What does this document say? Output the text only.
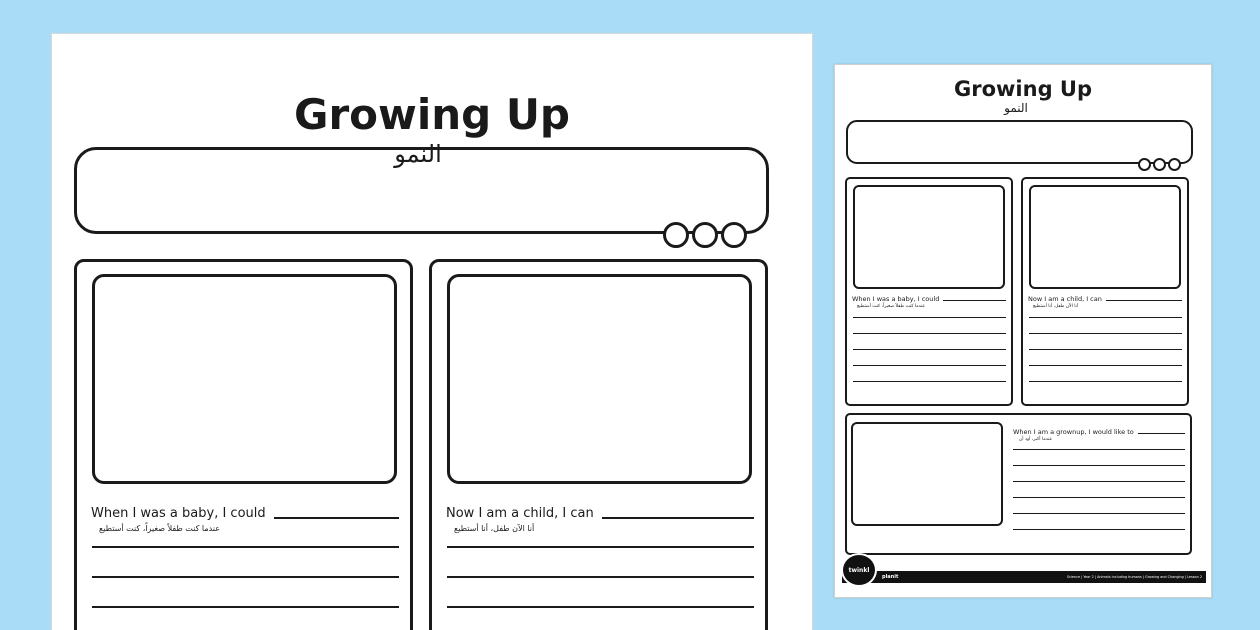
Growing Up
النمو
When I was a baby, I could
عندما كنت طفلاً صغيراً، كنت أستطيع
Now I am a child, I can
أنا الآن طفل، أنا أستطيع
Growing Up
النمو
When I was a baby, I could
عندما كنت طفلاً صغيراً، كنت أستطيع
Now I am a child, I can
أنا الآن طفل، أنا أستطيع
When I am a grownup, I would like to
عندما أكبر، أود أن
planit	Science | Year 2 | Animals including humans | Growing and Changing | Lesson 2
twinkl
